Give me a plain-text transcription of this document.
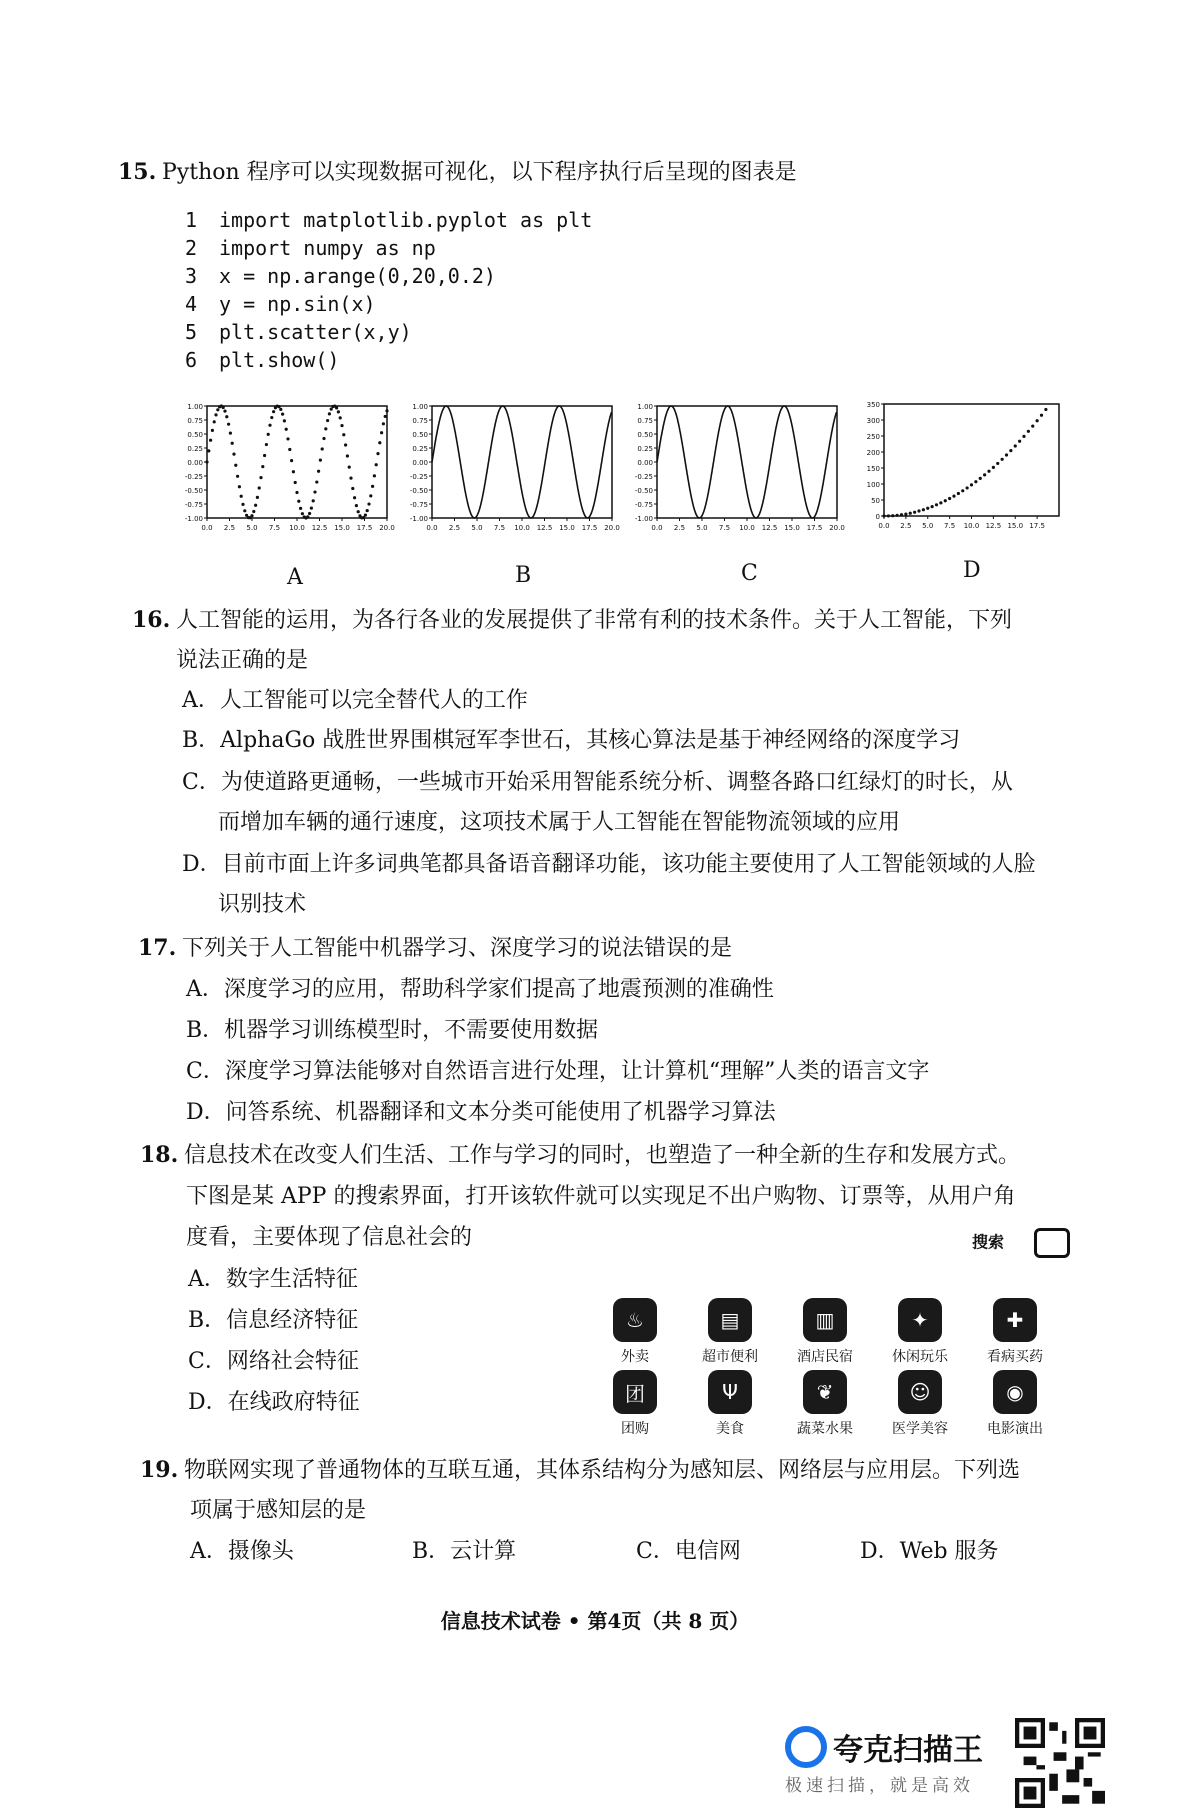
15. Python 程序可以实现数据可视化，以下程序执行后呈现的图表是
1 import matplotlib.pyplot as plt
2 import numpy as np
3 x = np.arange(0,20,0.2)
4 y = np.sin(x)
5 plt.scatter(x,y)
6 plt.show()
1.00
0.75
0.50
0.25
0.00
-0.25
-0.50
-0.75
-1.00
0.0 2.5 5.0 7.5 10.0 12.5 15.0 17.5 20.0
1.00
0.75
0.50
0.25
0.00
-0.25
-0.50
-0.75
-1.00
0.0 2.5 5.0 7.5 10.0 12.5 15.0 17.5 20.0
1.00
0.75
0.50
0.25
0.00
-0.25
-0.50
-0.75
-1.00
0.0 2.5 5.0 7.5 10.0 12.5 15.0 17.5 20.0
350
300
250
200
150
100
50
0
0.0 2.5 5.0 7.5 10.0 12.5 15.0 17.5
A	B	C	D
16. 人工智能的运用，为各行各业的发展提供了非常有利的技术条件。关于人工智能，下列
说法正确的是
A．人工智能可以完全替代人的工作
B．AlphaGo 战胜世界围棋冠军李世石，其核心算法是基于神经网络的深度学习
C．为使道路更通畅，一些城市开始采用智能系统分析、调整各路口红绿灯的时长，从
而增加车辆的通行速度，这项技术属于人工智能在智能物流领域的应用
D．目前市面上许多词典笔都具备语音翻译功能，该功能主要使用了人工智能领域的人脸
识别技术
17. 下列关于人工智能中机器学习、深度学习的说法错误的是
A．深度学习的应用，帮助科学家们提高了地震预测的准确性
B．机器学习训练模型时，不需要使用数据
C．深度学习算法能够对自然语言进行处理，让计算机“理解”人类的语言文字
D．问答系统、机器翻译和文本分类可能使用了机器学习算法
18. 信息技术在改变人们生活、工作与学习的同时，也塑造了一种全新的生存和发展方式。
下图是某 APP 的搜索界面，打开该软件就可以实现足不出户购物、订票等，从用户角
度看，主要体现了信息社会的
A．数字生活特征
B．信息经济特征
C．网络社会特征
D．在线政府特征
搜索
♨
外卖
▤
超市便利
▥
酒店民宿
✦
休闲玩乐
✚
看病买药
团
团购
Ψ
美食
❦
蔬菜水果
☺
医学美容
◉
电影演出
19. 物联网实现了普通物体的互联互通，其体系结构分为感知层、网络层与应用层。下列选
项属于感知层的是
A．摄像头	B．云计算	C．电信网	D．Web 服务
信息技术试卷 • 第4页（共 8 页）
夸克扫描王
极速扫描，就是高效
